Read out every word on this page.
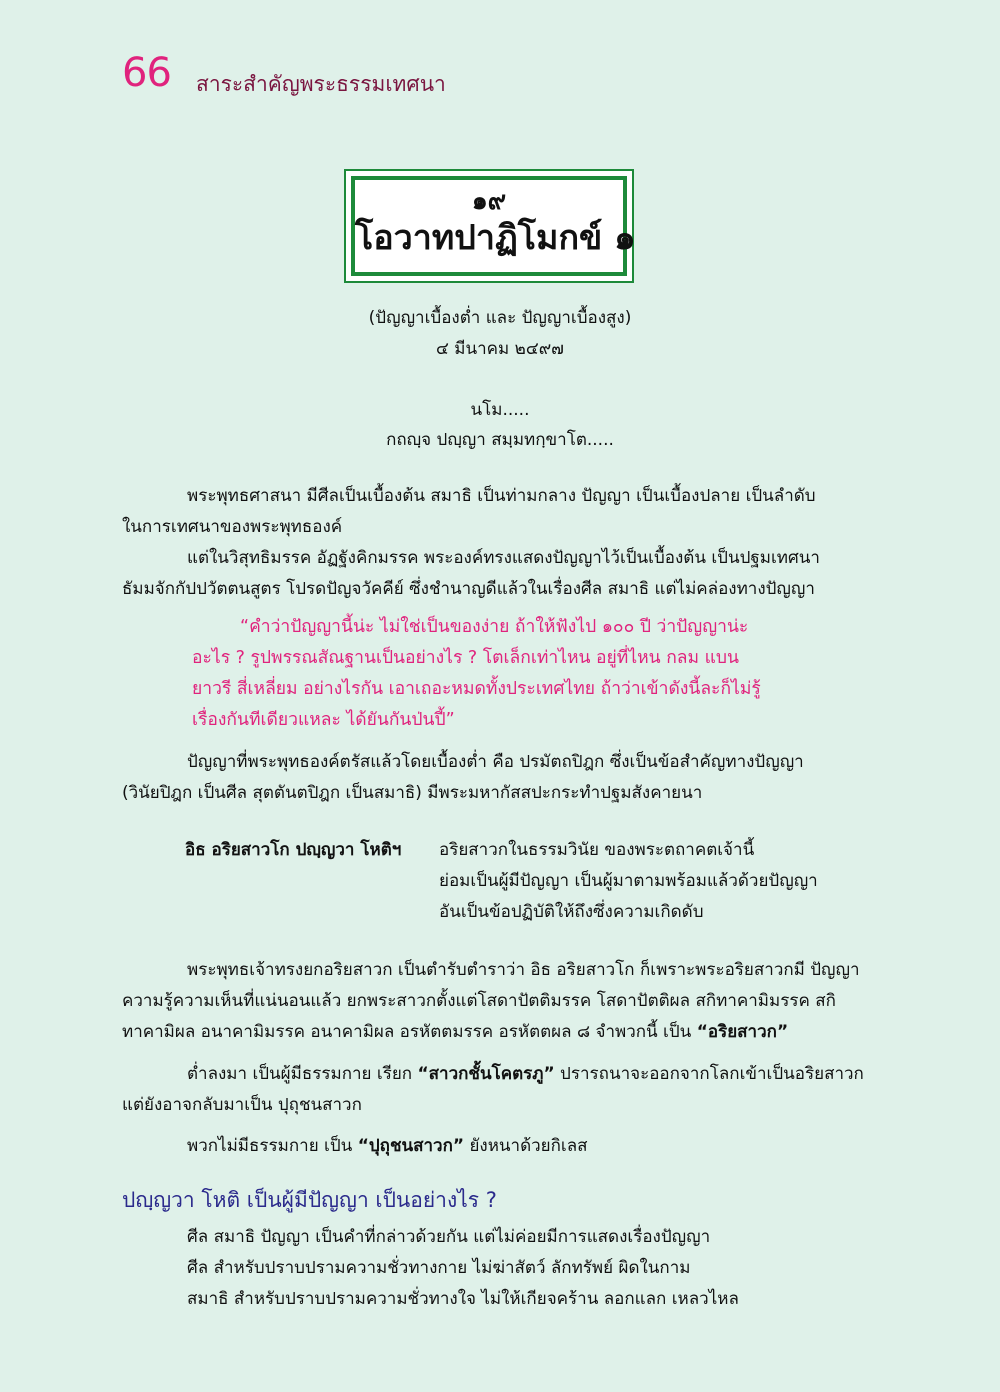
66 สาระสำคัญพระธรรมเทศนา
๑๙
โอวาทปาฏิโมกข์ ๑
(ปัญญาเบื้องต่ำ และ ปัญญาเบื้องสูง)
๔ มีนาคม ๒๔๙๗
นโม.....
กถญฺจ ปญฺญา สมฺมทกฺขาโต.....
พระพุทธศาสนา มีศีลเป็นเบื้องต้น สมาธิ เป็นท่ามกลาง ปัญญา เป็นเบื้องปลาย เป็นลำดับ
ในการเทศนาของพระพุทธองค์
แต่ในวิสุทธิมรรค อัฏฐังคิกมรรค พระองค์ทรงแสดงปัญญาไว้เป็นเบื้องต้น เป็นปฐมเทศนา
ธัมมจักกัปปวัตตนสูตร โปรดปัญจวัคคีย์ ซึ่งชำนาญดีแล้วในเรื่องศีล สมาธิ แต่ไม่คล่องทางปัญญา
“คำว่าปัญญานี้น่ะ ไม่ใช่เป็นของง่าย ถ้าให้ฟังไป ๑๐๐ ปี ว่าปัญญาน่ะ
อะไร ? รูปพรรณสัณฐานเป็นอย่างไร ? โตเล็กเท่าไหน อยู่ที่ไหน กลม แบน
ยาวรี สี่เหลี่ยม อย่างไรกัน เอาเถอะหมดทั้งประเทศไทย ถ้าว่าเข้าดังนี้ละก็ไม่รู้
เรื่องกันทีเดียวแหละ ได้ยันกันป่นปี้”
ปัญญาที่พระพุทธองค์ตรัสแล้วโดยเบื้องต่ำ คือ ปรมัตถปิฎก ซึ่งเป็นข้อสำคัญทางปัญญา
(วินัยปิฎก เป็นศีล สุตตันตปิฎก เป็นสมาธิ) มีพระมหากัสสปะกระทำปฐมสังคายนา
อิธ อริยสาวโก ปญฺญวา โหติฯ อริยสาวกในธรรมวินัย ของพระตถาคตเจ้านี้
ย่อมเป็นผู้มีปัญญา เป็นผู้มาตามพร้อมแล้วด้วยปัญญา
อันเป็นข้อปฏิบัติให้ถึงซึ่งความเกิดดับ
พระพุทธเจ้าทรงยกอริยสาวก เป็นตำรับตำราว่า อิธ อริยสาวโก ก็เพราะพระอริยสาวกมี ปัญญา
ความรู้ความเห็นที่แน่นอนแล้ว ยกพระสาวกตั้งแต่โสดาปัตติมรรค โสดาปัตติผล สกิทาคามิมรรค สกิ
ทาคามิผล อนาคามิมรรค อนาคามิผล อรหัตตมรรค อรหัตตผล ๘ จำพวกนี้ เป็น “อริยสาวก”
ต่ำลงมา เป็นผู้มีธรรมกาย เรียก “สาวกชั้นโคตรภู” ปรารถนาจะออกจากโลกเข้าเป็นอริยสาวก
แต่ยังอาจกลับมาเป็น ปุถุชนสาวก
พวกไม่มีธรรมกาย เป็น “ปุถุชนสาวก” ยังหนาด้วยกิเลส
ปญฺญวา โหติ เป็นผู้มีปัญญา เป็นอย่างไร ?
ศีล สมาธิ ปัญญา เป็นคำที่กล่าวด้วยกัน แต่ไม่ค่อยมีการแสดงเรื่องปัญญา
ศีล สำหรับปราบปรามความชั่วทางกาย ไม่ฆ่าสัตว์ ลักทรัพย์ ผิดในกาม
สมาธิ สำหรับปราบปรามความชั่วทางใจ ไม่ให้เกียจคร้าน ลอกแลก เหลวไหล
